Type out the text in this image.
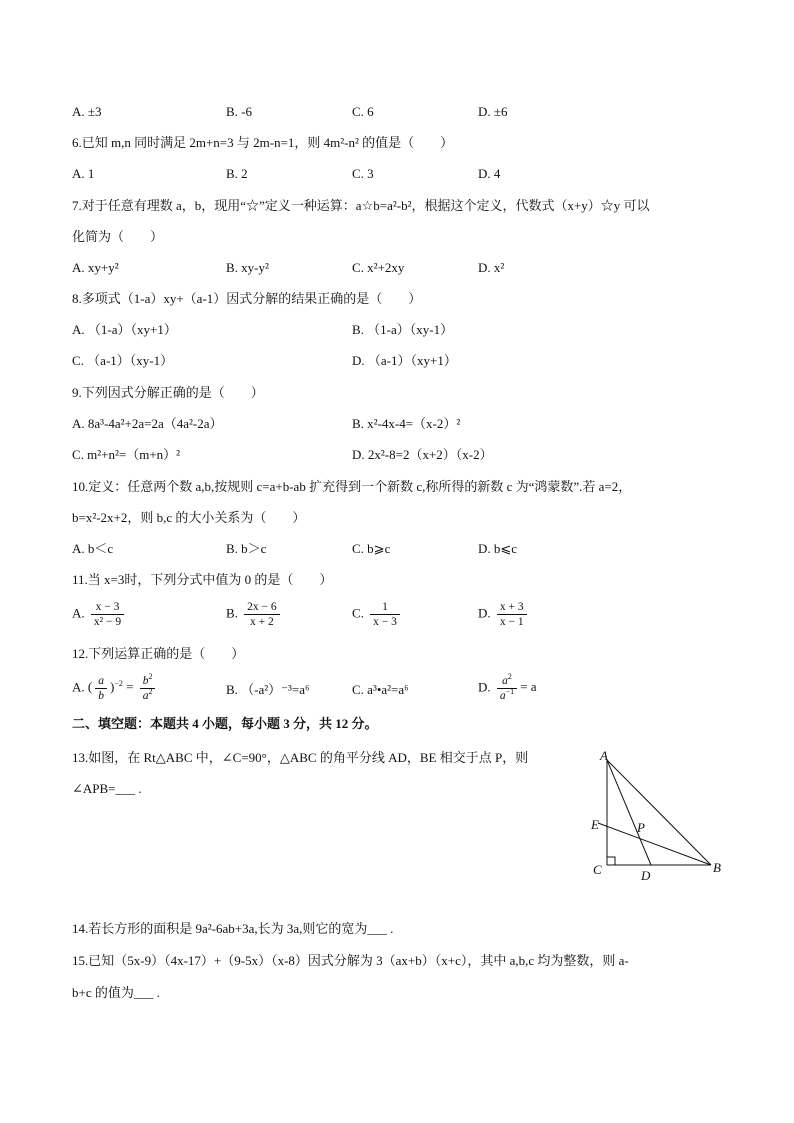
A. ±3	B. -6	C. 6	D. ±6
6.已知 m,n 同时满足 2m+n=3 与 2m-n=1，则 4m²-n² 的值是（　　）
A. 1	B. 2	C. 3	D. 4
7.对于任意有理数 a，b，现用“☆”定义一种运算：a☆b=a²-b²，根据这个定义，代数式（x+y）☆y 可以
化简为（　　）
A. xy+y²	B. xy-y²	C. x²+2xy	D. x²
8.多项式（1-a）xy+（a-1）因式分解的结果正确的是（　　）
A. （1-a）（xy+1）	B. （1-a）（xy-1）
C. （a-1）（xy-1）	D. （a-1）（xy+1）
9.下列因式分解正确的是（　　）
A. 8a³-4a²+2a=2a（4a²-2a）	B. x²-4x-4=（x-2）²
C. m²+n²=（m+n）²	D. 2x²-8=2（x+2）（x-2）
10.定义：任意两个数 a,b,按规则 c=a+b-ab 扩充得到一个新数 c,称所得的新数 c 为“鸿蒙数”.若 a=2，
b=x²-2x+2，则 b,c 的大小关系为（　　）
A. b＜c	B. b＞c	C. b⩾c	D. b⩽c
11.当 x=3时，下列分式中值为 0 的是（　　）
A. $\frac{x - 3}{\text{x² − 9}}$	B. $\frac{2x - 6}{x + 2}$	C. $\frac{1}{x - 3}$	D. $\frac{x + 3}{x - 1}$
12.下列运算正确的是（　　）
A. ( $\frac{a}{b} )^{-2} = \frac{b^2}{a^2}$	B. （-a²）⁻³=a⁶	C. a³•a²=a⁶	D. $\frac{a^2}{a^{-1}} = a$
二、填空题：本题共 4 小题，每小题 3 分，共 12 分。
13.如图，在 Rt△ABC 中，∠C=90°，△ABC 的角平分线 AD，BE 相交于点 P，则
∠APB=___ .
A
B
C	D
E	P
14.若长方形的面积是 9a²-6ab+3a,长为 3a,则它的宽为___ .
15.已知（5x-9）（4x-17）+（9-5x）（x-8）因式分解为 3（ax+b）（x+c），其中 a,b,c 均为整数，则 a-
b+c 的值为___ .
